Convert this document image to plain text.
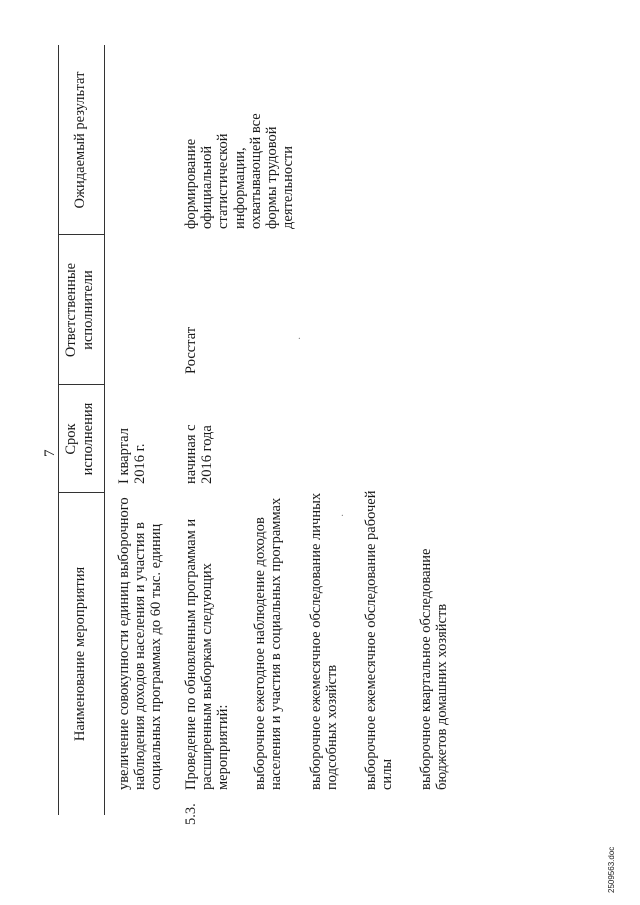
7
Наименование мероприятия
Срок исполнения
Ответственные исполнители
Ожидаемый результат
увеличение совокупности единиц выборочного наблюдения доходов населения и участия в социальных программах до 60 тыс. единиц
I квартал 2016 г.
5.3.
Проведение по обновленным программам и расширенным выборкам следующих мероприятий:
начиная с 2016 года
Росстат
формирование официальной статистической информации, охватывающей все формы трудовой деятельности
выборочное ежегодное наблюдение доходов населения и участия в социальных программах выборочное ежемесячное обследование личных подсобных хозяйств выборочное ежемесячное обследование рабочей силы выборочное квартальное обследование бюджетов домашних хозяйств
·
·
2509563.doc
